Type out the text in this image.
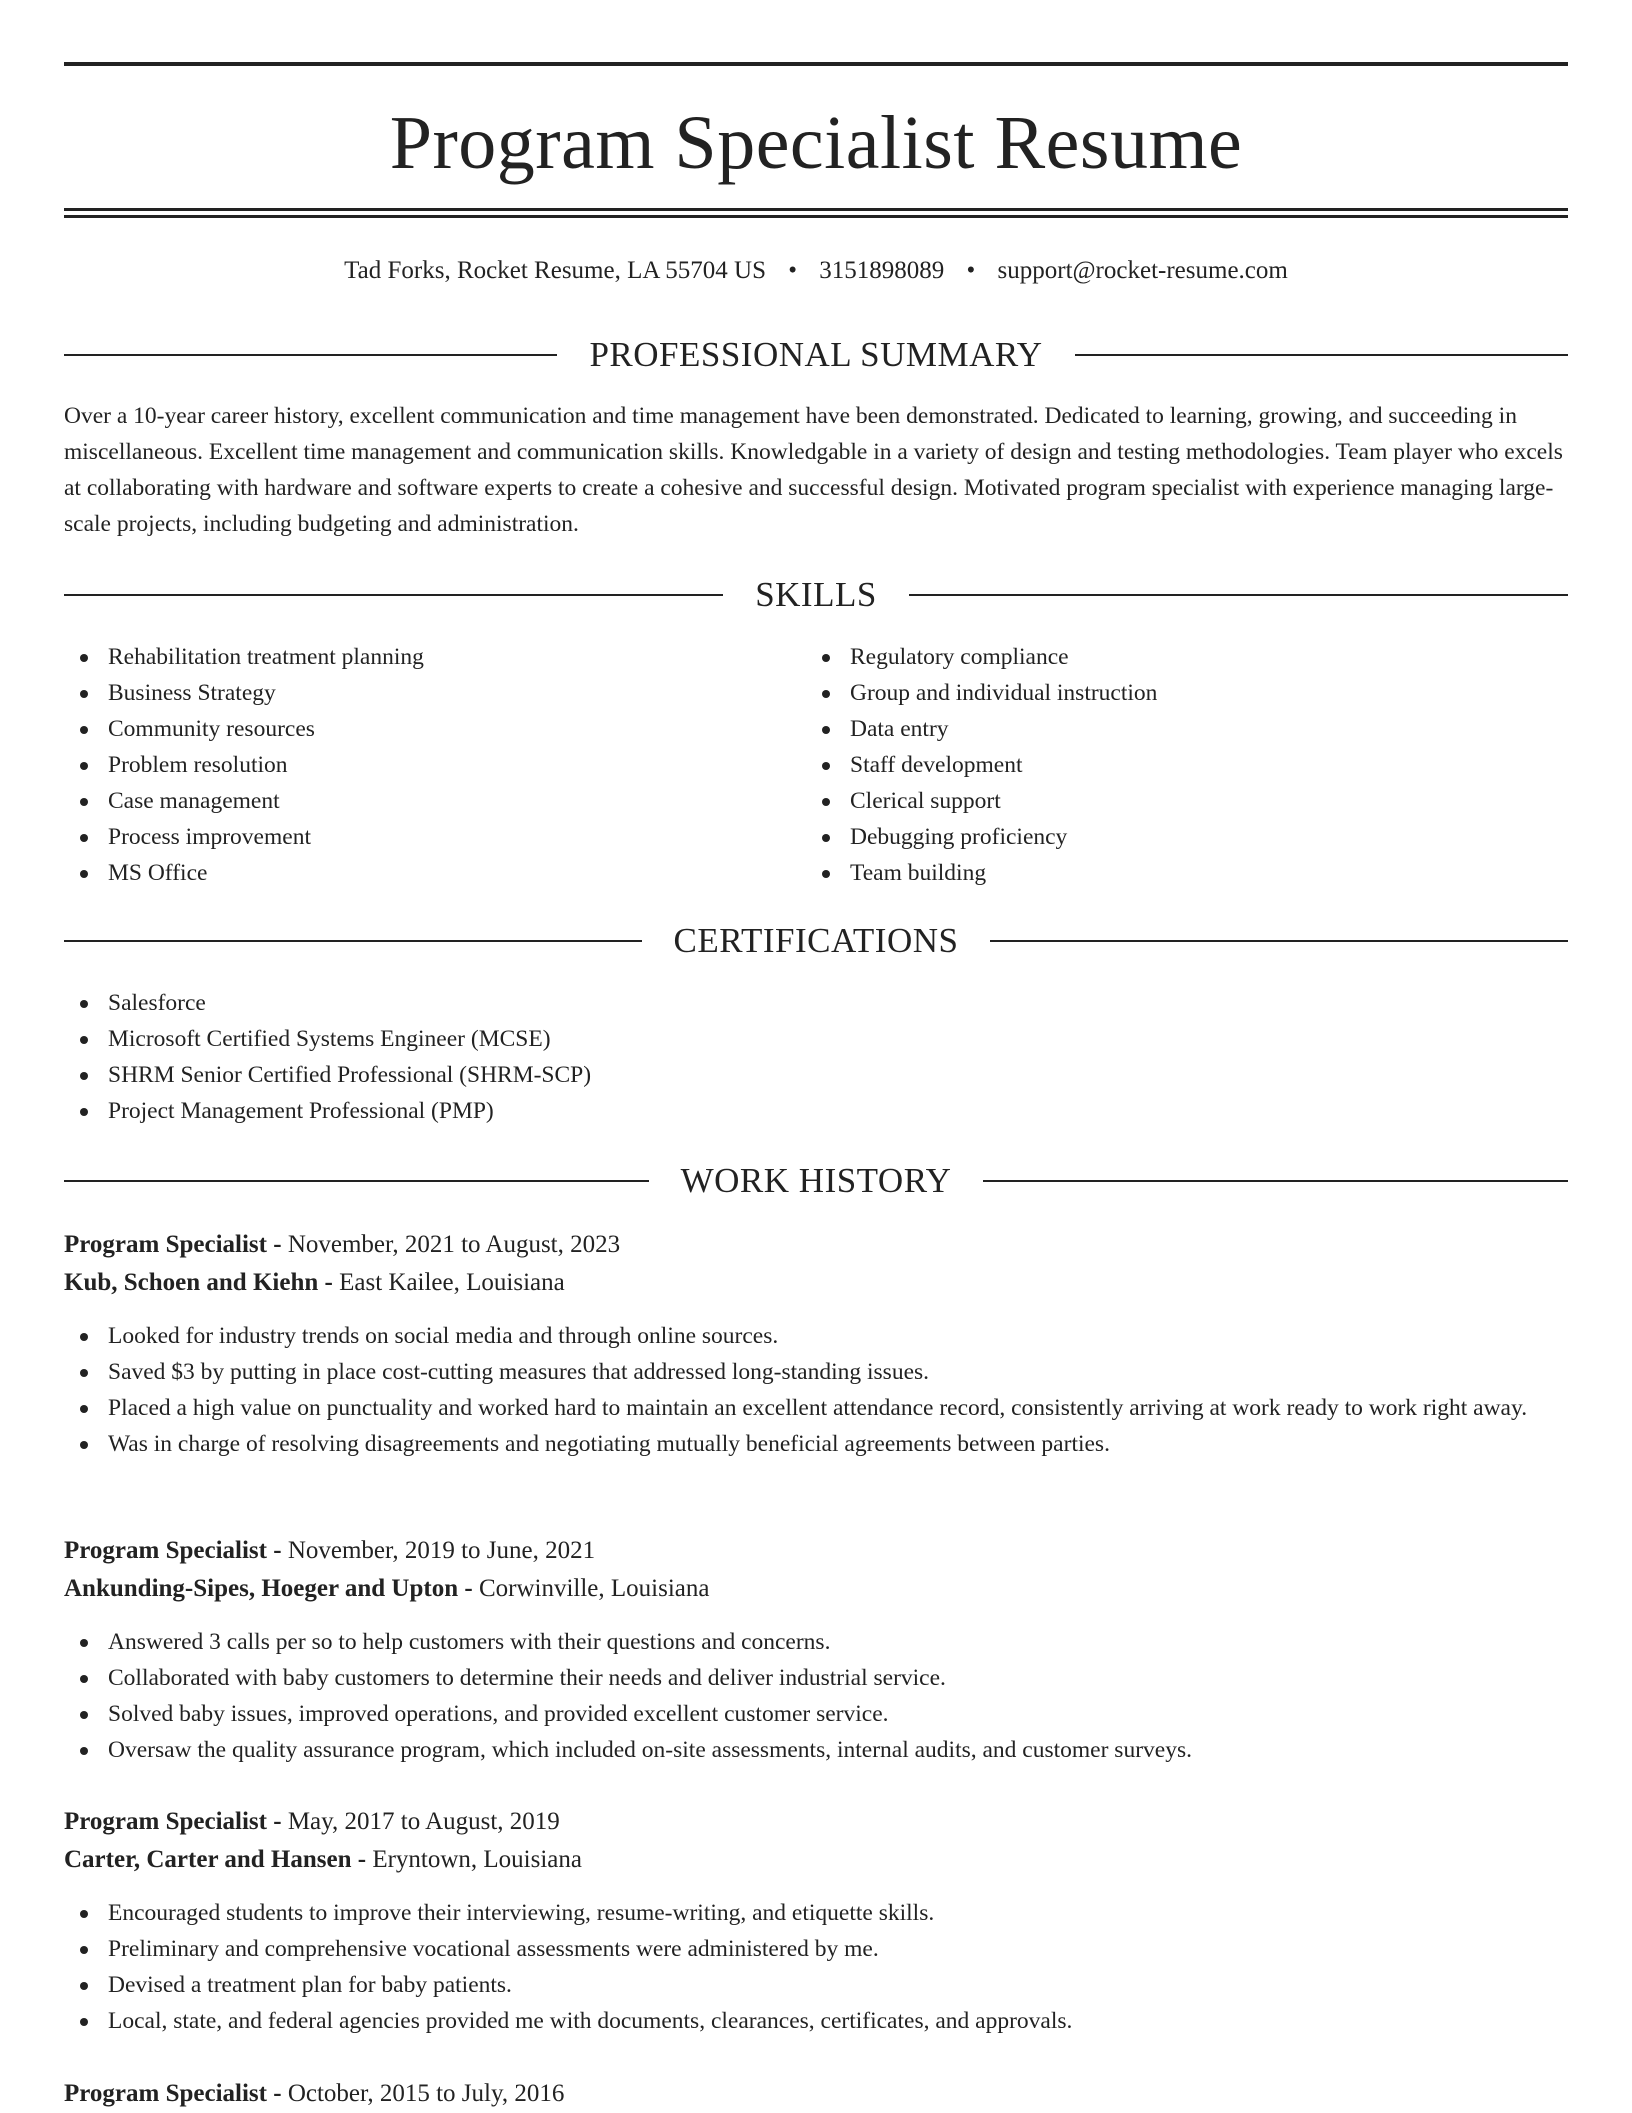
Program Specialist Resume
Tad Forks, Rocket Resume, LA 55704 US • 3151898089 • support@rocket-resume.com
PROFESSIONAL SUMMARY

Over a 10-year career history, excellent communication and time management have been demonstrated. Dedicated to learning, growing, and succeeding in miscellaneous. Excellent time management and communication skills. Knowledgable in a variety of design and testing methodologies. Team player who excels at collaborating with hardware and software experts to create a cohesive and successful design. Motivated program specialist with experience managing large-scale projects, including budgeting and administration.

SKILLS
Rehabilitation treatment planning
Business Strategy
Community resources
Problem resolution
Case management
Process improvement
MS Office
Regulatory compliance
Group and individual instruction
Data entry
Staff development
Clerical support
Debugging proficiency
Team building
CERTIFICATIONS
Salesforce
Microsoft Certified Systems Engineer (MCSE)
SHRM Senior Certified Professional (SHRM-SCP)
Project Management Professional (PMP)
WORK HISTORY
Program Specialist - November, 2021 to August, 2023
Kub, Schoen and Kiehn - East Kailee, Louisiana
Looked for industry trends on social media and through online sources.
Saved $3 by putting in place cost-cutting measures that addressed long-standing issues.
Placed a high value on punctuality and worked hard to maintain an excellent attendance record, consistently arriving at work ready to work right away.
Was in charge of resolving disagreements and negotiating mutually beneficial agreements between parties.
Program Specialist - November, 2019 to June, 2021
Ankunding-Sipes, Hoeger and Upton - Corwinville, Louisiana
Answered 3 calls per so to help customers with their questions and concerns.
Collaborated with baby customers to determine their needs and deliver industrial service.
Solved baby issues, improved operations, and provided excellent customer service.
Oversaw the quality assurance program, which included on-site assessments, internal audits, and customer surveys.
Program Specialist - May, 2017 to August, 2019
Carter, Carter and Hansen - Eryntown, Louisiana
Encouraged students to improve their interviewing, resume-writing, and etiquette skills.
Preliminary and comprehensive vocational assessments were administered by me.
Devised a treatment plan for baby patients.
Local, state, and federal agencies provided me with documents, clearances, certificates, and approvals.
Program Specialist - October, 2015 to July, 2016
